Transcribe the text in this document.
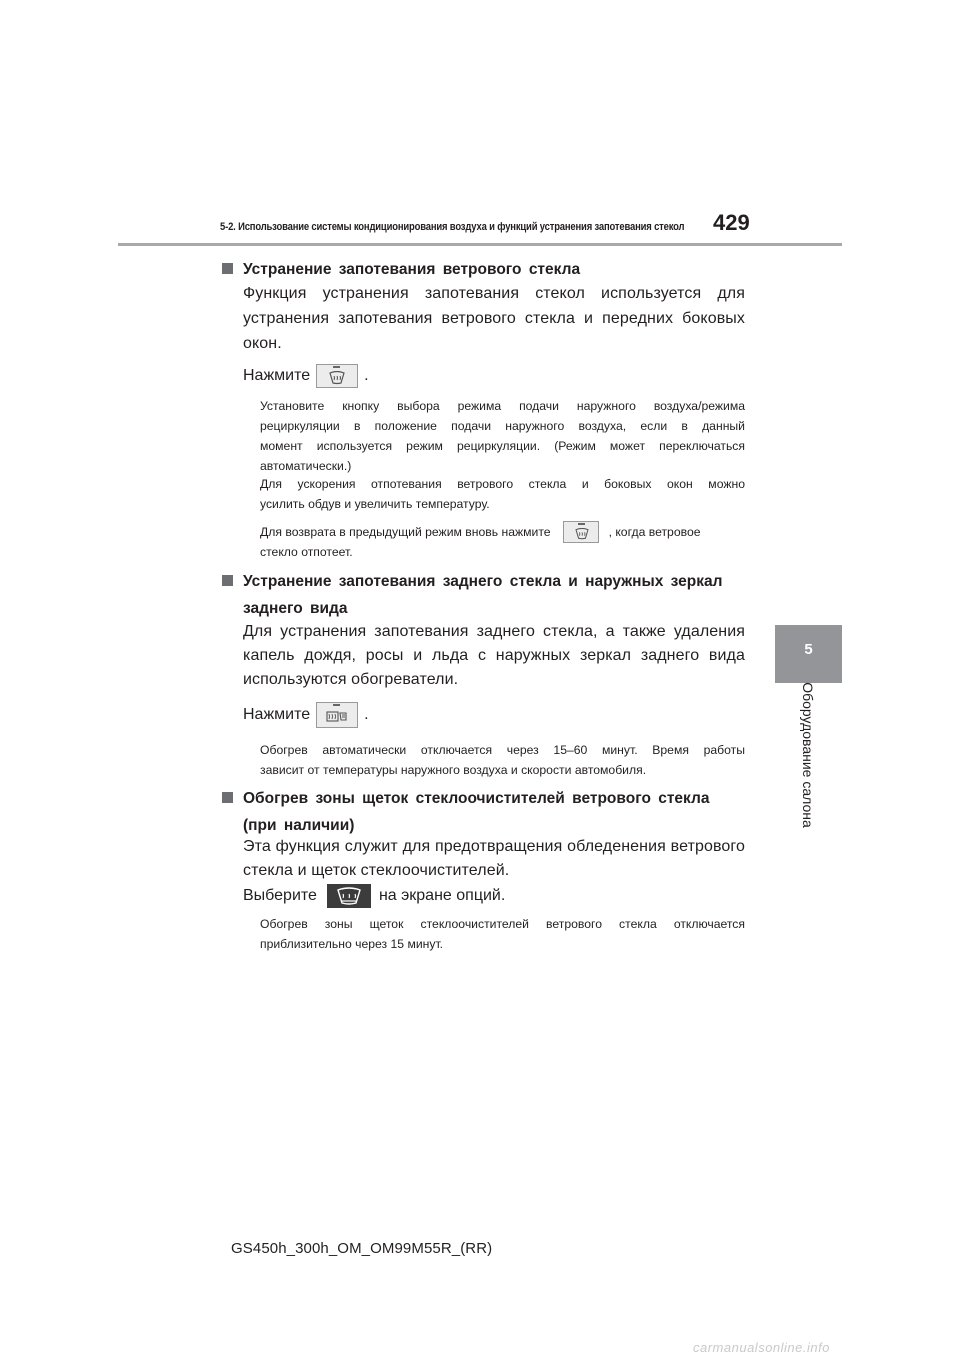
5-2. Использование системы кондиционирования воздуха и функций устранения запотевания стекол 429
5
Оборудование салона
Устранение запотевания ветрового стекла
Функция устранения запотевания стекол используется для
устранения запотевания ветрового стекла и передних боковых
окон.
Нажмите	.
Установите кнопку выбора режима подачи наружного воздуха/режима
рециркуляции в положение подачи наружного воздуха, если в данный
момент используется режим рециркуляции. (Режим может переключаться
автоматически.)
Для ускорения отпотевания ветрового стекла и боковых окон можно
усилить обдув и увеличить температуру.
Для возврата в предыдущий режим вновь нажмите	, когда ветровое
стекло отпотеет.
Устранение запотевания заднего стекла и наружных зеркал
заднего вида
Для устранения запотевания заднего стекла, а также удаления
капель дождя, росы и льда с наружных зеркал заднего вида
используются обогреватели.
Нажмите	.
Обогрев автоматически отключается через 15–60 минут. Время работы
зависит от температуры наружного воздуха и скорости автомобиля.
Обогрев зоны щеток стеклоочистителей ветрового стекла
(при наличии)
Эта функция служит для предотвращения обледенения ветрового
стекла и щеток стеклоочистителей.
Выберите	на экране опций.
Обогрев зоны щеток стеклоочистителей ветрового стекла отключается
приблизительно через 15 минут.
GS450h_300h_OM_OM99M55R_(RR)
carmanualsonline.info
